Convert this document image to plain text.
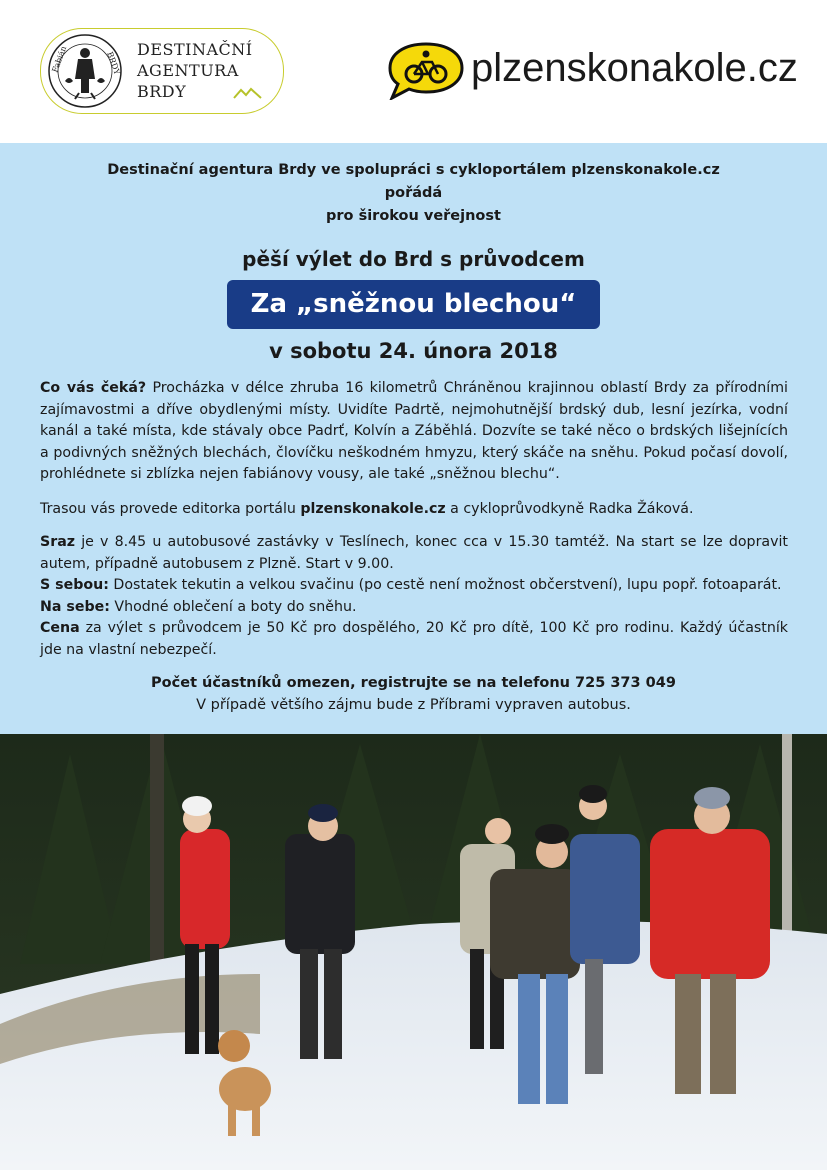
Fabián	BRDY
DESTINAČNÍ
AGENTURA
BRDY
plzenskonakole.cz
Destinační agentura Brdy ve spolupráci s cykloportálem plzenskonakole.cz
pořádá
pro širokou veřejnost
pěší výlet do Brd s průvodcem
Za „sněžnou blechou“
v sobotu 24. února 2018
Co vás čeká? Procházka v délce zhruba 16 kilometrů Chráněnou krajinnou oblastí Brdy za přírodními zajímavostmi a dříve obydlenými místy. Uvidíte Padrtě, nejmohutnější brdský dub, lesní jezírka, vodní kanál a také místa, kde stávaly obce Padrť, Kolvín a Záběhlá. Dozvíte se také něco o brdských lišejnících a podivných sněžných blechách, človíčku neškodném hmyzu, který skáče na sněhu. Pokud počasí dovolí, prohlédnete si zblízka nejen fabiánovy vousy, ale také „sněžnou blechu“.
Trasou vás provede editorka portálu plzenskonakole.cz a cykloprůvodkyně Radka Žáková.
Sraz je v 8.45 u autobusové zastávky v Teslínech, konec cca v 15.30 tamtéž. Na start se lze dopravit autem, případně autobusem z Plzně. Start v 9.00.
S sebou: Dostatek tekutin a velkou svačinu (po cestě není možnost občerstvení), lupu popř. fotoaparát.
Na sebe: Vhodné oblečení a boty do sněhu.
Cena za výlet s průvodcem je 50 Kč pro dospělého, 20 Kč pro dítě, 100 Kč pro rodinu. Každý účastník jde na vlastní nebezpečí.
Počet účastníků omezen, registrujte se na telefonu 725 373 049
V případě většího zájmu bude z Příbrami vypraven autobus.
